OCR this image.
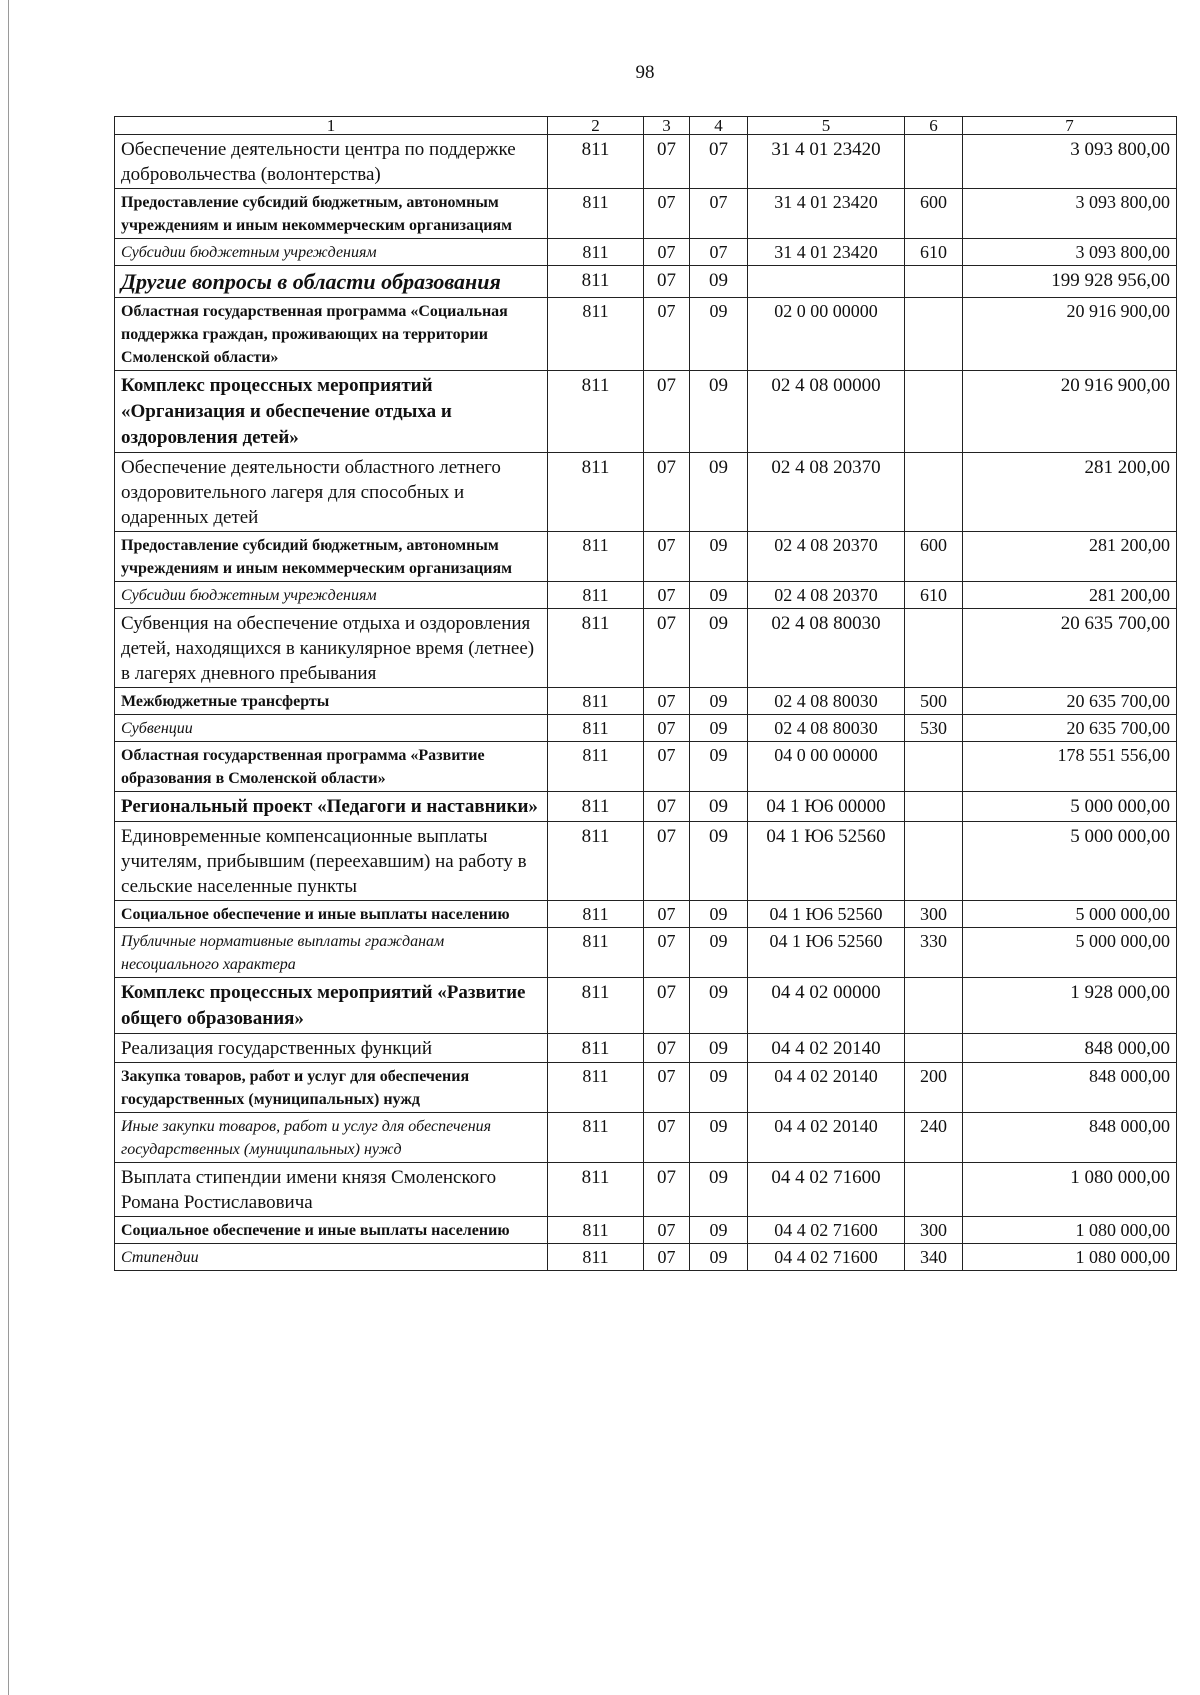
98
1	2	3	4	5	6	7
Обеспечение деятельности центра по поддержке добровольчества (волонтерства)	811	07	07	31 4 01 23420		3 093 800,00
Предоставление субсидий бюджетным, автономным учреждениям и иным некоммерческим организациям	811	07	07	31 4 01 23420	600	3 093 800,00
Субсидии бюджетным учреждениям	811	07	07	31 4 01 23420	610	3 093 800,00
Другие вопросы в области образования	811	07	09			199 928 956,00
Областная государственная программа «Социальная поддержка граждан, проживающих на территории Смоленской области»	811	07	09	02 0 00 00000		20 916 900,00
Комплекс процессных мероприятий «Организация и обеспечение отдыха и оздоровления детей»	811	07	09	02 4 08 00000		20 916 900,00
Обеспечение деятельности областного летнего оздоровительного лагеря для способных и одаренных детей	811	07	09	02 4 08 20370		281 200,00
Предоставление субсидий бюджетным, автономным учреждениям и иным некоммерческим организациям	811	07	09	02 4 08 20370	600	281 200,00
Субсидии бюджетным учреждениям	811	07	09	02 4 08 20370	610	281 200,00
Субвенция на обеспечение отдыха и оздоровления детей, находящихся в каникулярное время (летнее) в лагерях дневного пребывания	811	07	09	02 4 08 80030		20 635 700,00
Межбюджетные трансферты	811	07	09	02 4 08 80030	500	20 635 700,00
Субвенции	811	07	09	02 4 08 80030	530	20 635 700,00
Областная государственная программа «Развитие образования в Смоленской области»	811	07	09	04 0 00 00000		178 551 556,00
Региональный проект «Педагоги и наставники»	811	07	09	04 1 Ю6 00000		5 000 000,00
Единовременные компенсационные выплаты учителям, прибывшим (переехавшим) на работу в сельские населенные пункты	811	07	09	04 1 Ю6 52560		5 000 000,00
Социальное обеспечение и иные выплаты населению	811	07	09	04 1 Ю6 52560	300	5 000 000,00
Публичные нормативные выплаты гражданам несоциального характера	811	07	09	04 1 Ю6 52560	330	5 000 000,00
Комплекс процессных мероприятий «Развитие общего образования»	811	07	09	04 4 02 00000		1 928 000,00
Реализация государственных функций	811	07	09	04 4 02 20140		848 000,00
Закупка товаров, работ и услуг для обеспечения государственных (муниципальных) нужд	811	07	09	04 4 02 20140	200	848 000,00
Иные закупки товаров, работ и услуг для обеспечения государственных (муниципальных) нужд	811	07	09	04 4 02 20140	240	848 000,00
Выплата стипендии имени князя Смоленского Романа Ростиславовича	811	07	09	04 4 02 71600		1 080 000,00
Социальное обеспечение и иные выплаты населению	811	07	09	04 4 02 71600	300	1 080 000,00
Стипендии	811	07	09	04 4 02 71600	340	1 080 000,00
